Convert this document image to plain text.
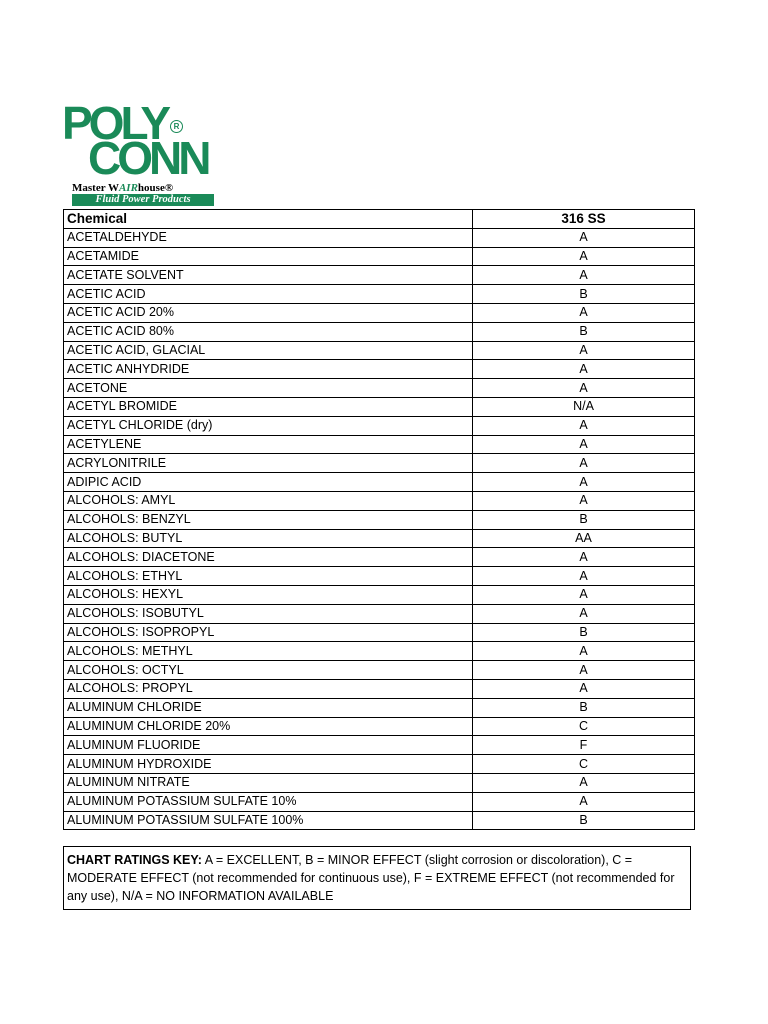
POLY R
CONN
Master WAIRhouse®
Fluid Power Products
Chemical	316 SS
ACETALDEHYDE	A
ACETAMIDE	A
ACETATE SOLVENT	A
ACETIC ACID	B
ACETIC ACID 20%	A
ACETIC ACID 80%	B
ACETIC ACID, GLACIAL	A
ACETIC ANHYDRIDE	A
ACETONE	A
ACETYL BROMIDE	N/A
ACETYL CHLORIDE (dry)	A
ACETYLENE	A
ACRYLONITRILE	A
ADIPIC ACID	A
ALCOHOLS: AMYL	A
ALCOHOLS: BENZYL	B
ALCOHOLS: BUTYL	AA
ALCOHOLS: DIACETONE	A
ALCOHOLS: ETHYL	A
ALCOHOLS: HEXYL	A
ALCOHOLS: ISOBUTYL	A
ALCOHOLS: ISOPROPYL	B
ALCOHOLS: METHYL	A
ALCOHOLS: OCTYL	A
ALCOHOLS: PROPYL	A
ALUMINUM CHLORIDE	B
ALUMINUM CHLORIDE 20%	C
ALUMINUM FLUORIDE	F
ALUMINUM HYDROXIDE	C
ALUMINUM NITRATE	A
ALUMINUM POTASSIUM SULFATE 10%	A
ALUMINUM POTASSIUM SULFATE 100%	B
CHART RATINGS KEY: A = EXCELLENT, B = MINOR EFFECT (slight corrosion or discoloration), C = MODERATE EFFECT (not recommended for continuous use), F = EXTREME EFFECT (not recommended for any use), N/A = NO INFORMATION AVAILABLE
